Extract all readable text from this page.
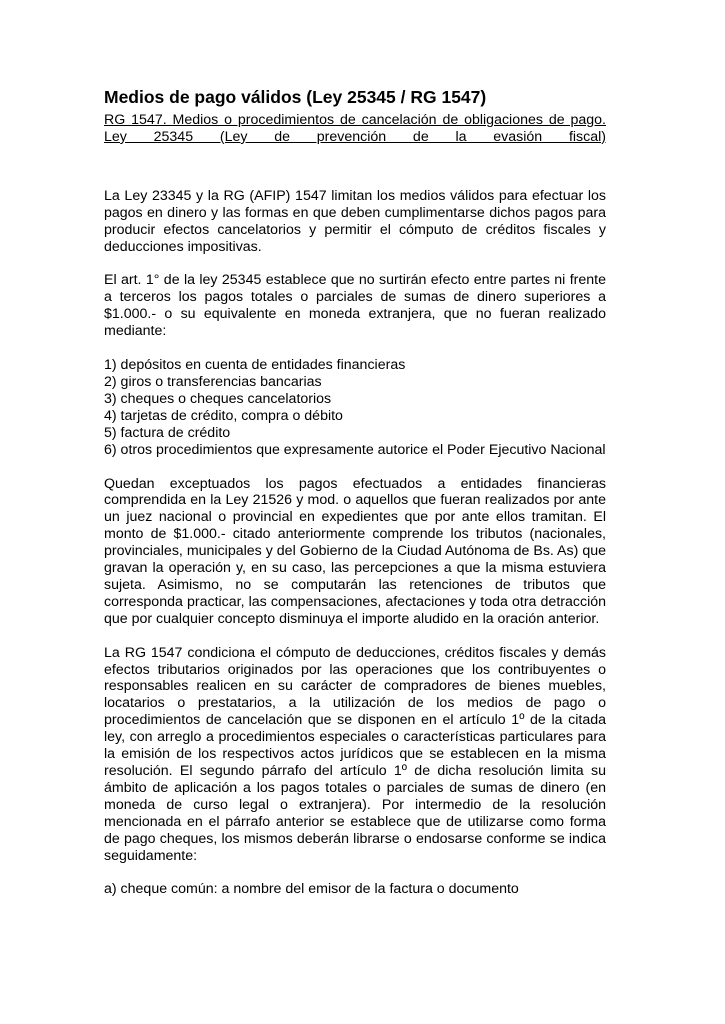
Medios de pago válidos (Ley 25345 / RG 1547)
RG 1547. Medios o procedimientos de cancelación de obligaciones de pago.
Ley 25345 (Ley de prevención de la evasión fiscal)

La Ley 23345 y la RG (AFIP) 1547 limitan los medios válidos para efectuar los pagos en dinero y las formas en que deben cumplimentarse dichos pagos para producir efectos cancelatorios y permitir el cómputo de créditos fiscales y deducciones impositivas.

El art. 1° de la ley 25345 establece que no surtirán efecto entre partes ni frente a terceros los pagos totales o parciales de sumas de dinero superiores a $1.000.- o su equivalente en moneda extranjera, que no fueran realizado mediante:

1) depósitos en cuenta de entidades financieras

2) giros o transferencias bancarias

3) cheques o cheques cancelatorios

4) tarjetas de crédito, compra o débito

5) factura de crédito

6) otros procedimientos que expresamente autorice el Poder Ejecutivo Nacional

Quedan exceptuados los pagos efectuados a entidades financieras comprendida en la Ley 21526 y mod. o aquellos que fueran realizados por ante un juez nacional o provincial en expedientes que por ante ellos tramitan. El monto de $1.000.- citado anteriormente comprende los tributos (nacionales, provinciales, municipales y del Gobierno de la Ciudad Autónoma de Bs. As) que gravan la operación y, en su caso, las percepciones a que la misma estuviera sujeta. Asimismo, no se computarán las retenciones de tributos que corresponda practicar, las compensaciones, afectaciones y toda otra detracción que por cualquier concepto disminuya el importe aludido en la oración anterior.

La RG 1547 condiciona el cómputo de deducciones, créditos fiscales y demás efectos tributarios originados por las operaciones que los contribuyentes o responsables realicen en su carácter de compradores de bienes muebles, locatarios o prestatarios, a la utilización de los medios de pago o procedimientos de cancelación que se disponen en el artículo 1º de la citada ley, con arreglo a procedimientos especiales o características particulares para la emisión de los respectivos actos jurídicos que se establecen en la misma resolución. El segundo párrafo del artículo 1º de dicha resolución limita su ámbito de aplicación a los pagos totales o parciales de sumas de dinero (en moneda de curso legal o extranjera). Por intermedio de la resolución mencionada en el párrafo anterior se establece que de utilizarse como forma de pago cheques, los mismos deberán librarse o endosarse conforme se indica seguidamente:

a) cheque común: a nombre del emisor de la factura o documento
